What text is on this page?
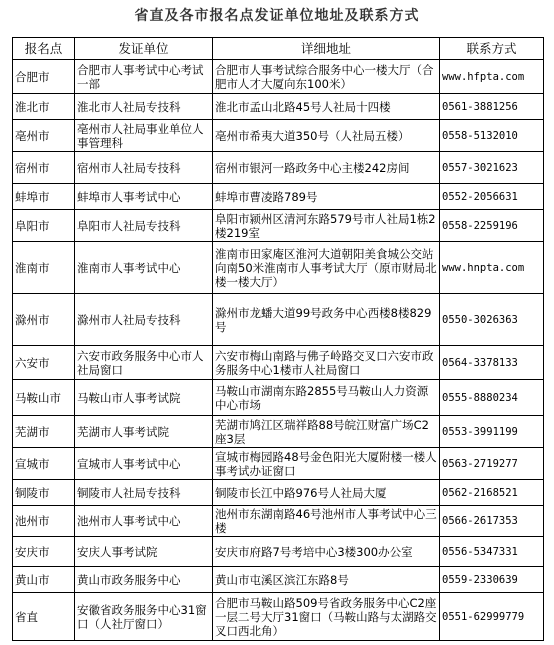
省直及各市报名点发证单位地址及联系方式
报名点	发证单位	详细地址	联系方式
合肥市	合肥市人事考试中心考试一部	合肥市人事考试综合服务中心一楼大厅（合肥市人才大厦向东100米）	www.hfpta.com
淮北市	淮北市人社局专技科	淮北市孟山北路45号人社局十四楼	0561-3881256
亳州市	亳州市人社局事业单位人事管理科	亳州市希夷大道350号（人社局五楼）	0558-5132010
宿州市	宿州市人社局专技科	宿州市银河一路政务中心主楼242房间	0557-3021623
蚌埠市	蚌埠市人事考试中心	蚌埠市曹凌路789号	0552-2056631
阜阳市	阜阳市人社局专技科	阜阳市颍州区清河东路579号市人社局1栋2楼219室	0558-2259196
淮南市	淮南市人事考试中心	淮南市田家庵区淮河大道朝阳美食城公交站向南50米淮南市人事考试大厅（原市财局北楼一楼大厅）	www.hnpta.com
滁州市	滁州市人社局专技科	滁州市龙蟠大道99号政务中心西楼8楼829号	0550-3026363
六安市	六安市政务服务中心市人社局窗口	六安市梅山南路与佛子岭路交叉口六安市政务服务中心1楼市人社局窗口	0564-3378133
马鞍山市	马鞍山市人事考试院	马鞍山市湖南东路2855号马鞍山人力资源中心市场	0555-8880234
芜湖市	芜湖市人事考试院	芜湖市鸠江区瑞祥路88号皖江财富广场C2座3层	0553-3991199
宣城市	宣城市人事考试中心	宣城市梅园路48号金色阳光大厦附楼一楼人事考试办证窗口	0563-2719277
铜陵市	铜陵市人社局专技科	铜陵市长江中路976号人社局大厦	0562-2168521
池州市	池州市人事考试中心	池州市东湖南路46号池州市人事考试中心三楼	0566-2617353
安庆市	安庆人事考试院	安庆市府路7号考培中心3楼300办公室	0556-5347331
黄山市	黄山市政务服务中心	黄山市屯溪区滨江东路8号	0559-2330639
省直	安徽省政务服务中心31窗口（人社厅窗口）	合肥市马鞍山路509号省政务服务中心C2座一层二号大厅31窗口（马鞍山路与太湖路交叉口西北角）	0551-62999779
